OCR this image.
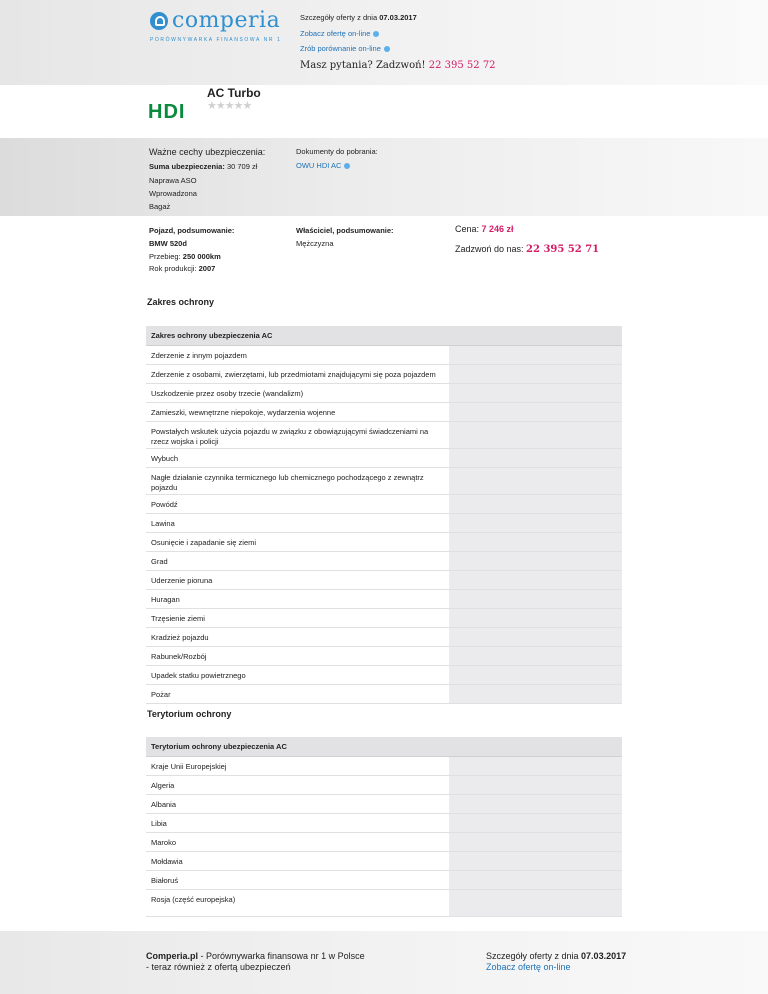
comperia
PORÓWNYWARKA FINANSOWA NR 1
Szczegóły oferty z dnia 07.03.2017
Zobacz ofertę on-line
Zrób porównanie on-line
Masz pytania? Zadzwoń! 22 395 52 72
HDI
AC Turbo
★★★★★
Ważne cechy ubezpieczenia:
Suma ubezpieczenia: 30 709 zł
Naprawa ASO
Wprowadzona
Bagaż
Dokumenty do pobrania:
OWU HDI AC
Pojazd, podsumowanie:
BMW 520d
Przebieg: 250 000km
Rok produkcji: 2007
Właściciel, podsumowanie:
Mężczyzna
Cena: 7 246 zł
Zadzwoń do nas: 22 395 52 71
Zakres ochrony
Zakres ochrony ubezpieczenia AC
Zderzenie z innym pojazdem
Zderzenie z osobami, zwierzętami, lub przedmiotami znajdującymi się poza pojazdem
Uszkodzenie przez osoby trzecie (wandalizm)
Zamieszki, wewnętrzne niepokoje, wydarzenia wojenne
Powstałych wskutek użycia pojazdu w związku z obowiązującymi świadczeniami na rzecz wojska i policji
Wybuch
Nagłe działanie czynnika termicznego lub chemicznego pochodzącego z zewnątrz pojazdu
Powódź
Lawina
Osunięcie i zapadanie się ziemi
Grad
Uderzenie pioruna
Huragan
Trzęsienie ziemi
Kradzież pojazdu
Rabunek/Rozbój
Upadek statku powietrznego
Pożar
Terytorium ochrony
Terytorium ochrony ubezpieczenia AC
Kraje Unii Europejskiej
Algeria
Albania
Libia
Maroko
Mołdawia
Białoruś
Rosja (część europejska)
Comperia.pl - Porównywarka finansowa nr 1 w Polsce
- teraz również z ofertą ubezpieczeń
Szczegóły oferty z dnia 07.03.2017
Zobacz ofertę on-line
